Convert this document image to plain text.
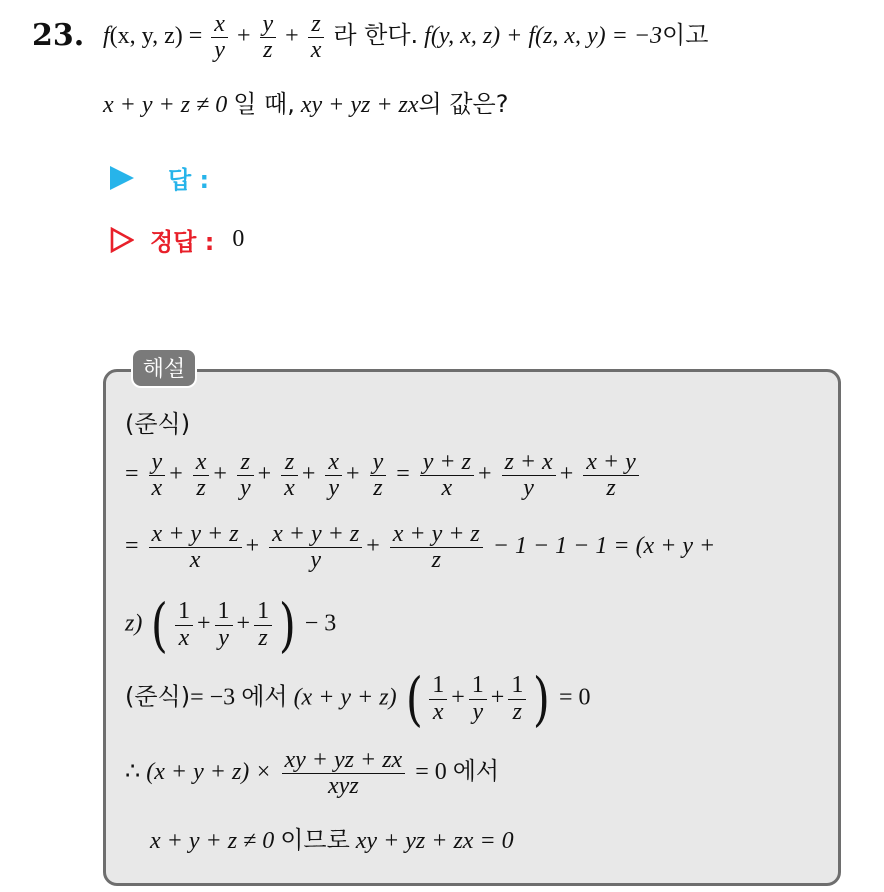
23. f(x, y, $z) = \frac{x}{y} + \frac{y}{z} + \frac{z}{x}$ 라 한다. f(y, x, z) + f(z, x, y) = −3이고
x + y + z ≠ 0 일 때, xy + yz + zx의 값은?
답 :
정답 : 0
해설
(준식)
= $\frac{y}{x} + \frac{x}{z} + \frac{z}{y} + \frac{z}{x} + \frac{x}{y} + \frac{y}{z} = \frac{y + z}{x} + \frac{z + x}{y} + \frac{x + y}{z}$
= $\frac{x + y + z}{x} + \frac{x + y + z}{y} + \frac{x + y + z}{z} - 1 - 1 - 1 = (x + y$ +
z) ( $\frac{1}{x} + \frac{1}{y} + \frac{1}{z}$ ) − 3
(준식)= −3 에서 (x + y + z) ( $\frac{1}{x} + \frac{1}{y} + \frac{1}{z}$ ) = 0
∴ $(x + y + z) \times \frac{xy + yz + zx}{\text{xyz}} = 0$ 에서
x + y + z ≠ 0 이므로 xy + yz + zx = 0
